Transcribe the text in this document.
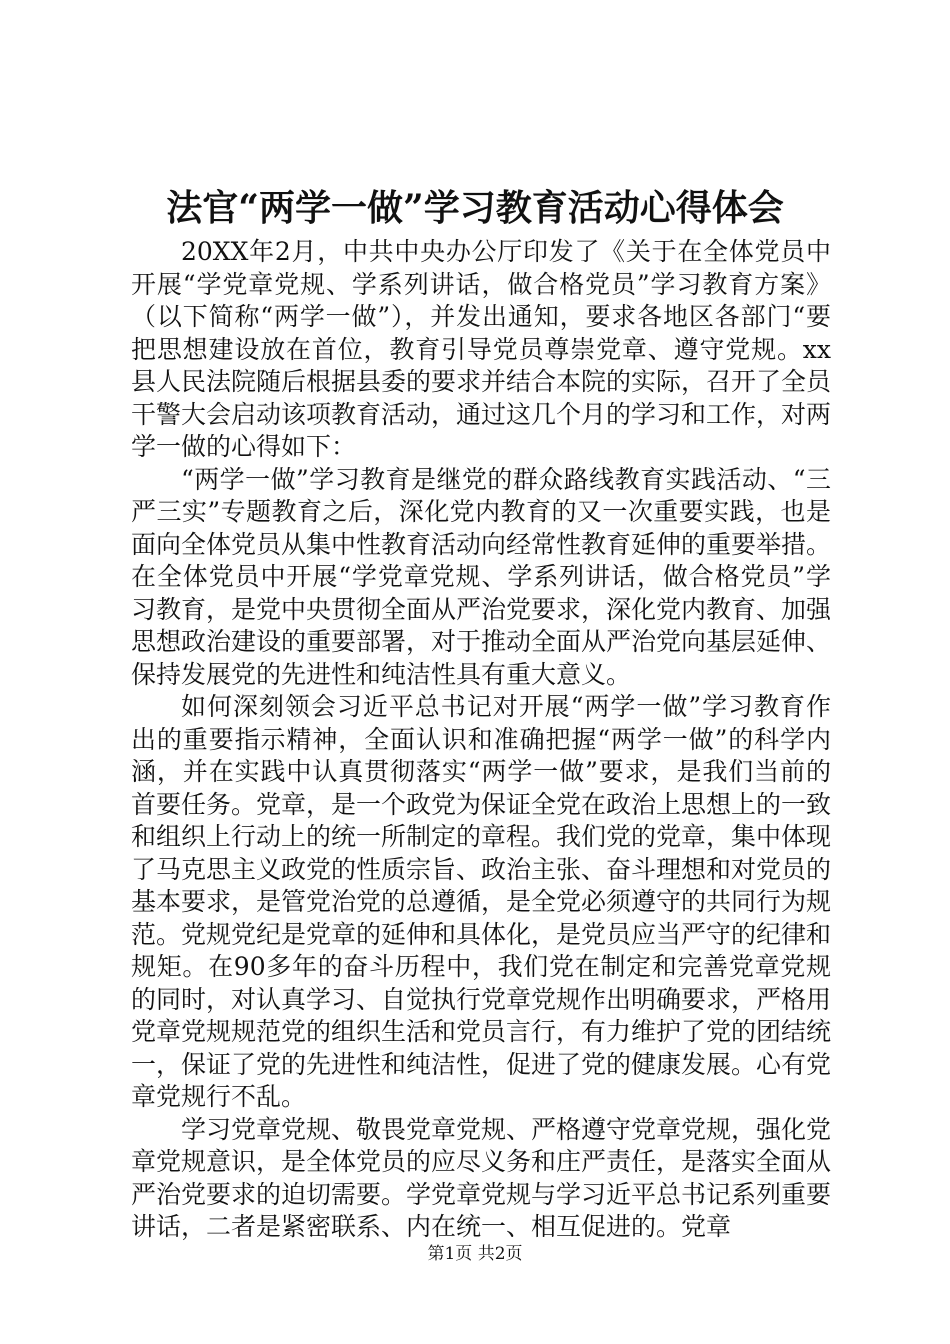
法官“两学一做”学习教育活动心得体会

20XX年2月，中共中央办公厅印发了《关于在全体党员中开展“学党章党规、学系列讲话，做合格党员”学习教育方案》（以下简称“两学一做”），并发出通知，要求各地区各部门“要把思想建设放在首位，教育引导党员尊崇党章、遵守党规。xx县人民法院随后根据县委的要求并结合本院的实际，召开了全员干警大会启动该项教育活动，通过这几个月的学习和工作，对两学一做的心得如下：

“两学一做”学习教育是继党的群众路线教育实践活动、“三严三实”专题教育之后，深化党内教育的又一次重要实践，也是面向全体党员从集中性教育活动向经常性教育延伸的重要举措。在全体党员中开展“学党章党规、学系列讲话，做合格党员”学习教育，是党中央贯彻全面从严治党要求，深化党内教育、加强思想政治建设的重要部署，对于推动全面从严治党向基层延伸、保持发展党的先进性和纯洁性具有重大意义。

如何深刻领会习近平总书记对开展“两学一做”学习教育作出的重要指示精神，全面认识和准确把握“两学一做”的科学内涵，并在实践中认真贯彻落实“两学一做”要求，是我们当前的首要任务。党章，是一个政党为保证全党在政治上思想上的一致和组织上行动上的统一所制定的章程。我们党的党章，集中体现了马克思主义政党的性质宗旨、政治主张、奋斗理想和对党员的基本要求，是管党治党的总遵循，是全党必须遵守的共同行为规范。党规党纪是党章的延伸和具体化，是党员应当严守的纪律和规矩。在90多年的奋斗历程中，我们党在制定和完善党章党规的同时，对认真学习、自觉执行党章党规作出明确要求，严格用党章党规规范党的组织生活和党员言行，有力维护了党的团结统一，保证了党的先进性和纯洁性，促进了党的健康发展。心有党章党规行不乱。

学习党章党规、敬畏党章党规、严格遵守党章党规，强化党章党规意识，是全体党员的应尽义务和庄严责任，是落实全面从严治党要求的迫切需要。学党章党规与学习近平总书记系列重要讲话，二者是紧密联系、内在统一、相互促进的。党章

第1页 共2页
